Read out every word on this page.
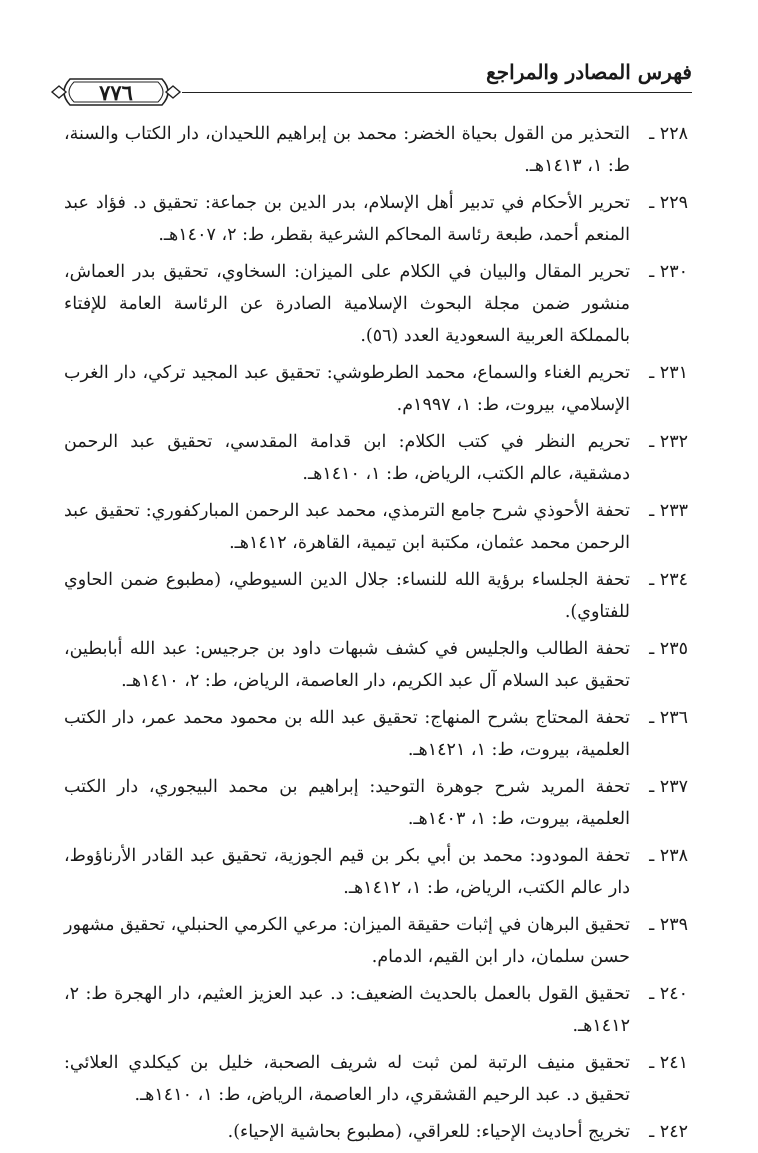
فهرس المصادر والمراجع
٧٧٦
٢٢٨ ـ
التحذير من القول بحياة الخضر: محمد بن إبراهيم اللحيدان، دار الكتاب والسنة، ط: ١، ١٤١٣هـ.
٢٢٩ ـ
تحرير الأحكام في تدبير أهل الإسلام، بدر الدين بن جماعة: تحقيق د. فؤاد عبد المنعم أحمد، طبعة رئاسة المحاكم الشرعية بقطر، ط: ٢، ١٤٠٧هـ.
٢٣٠ ـ
تحرير المقال والبيان في الكلام على الميزان: السخاوي، تحقيق بدر العماش، منشور ضمن مجلة البحوث الإسلامية الصادرة عن الرئاسة العامة للإفتاء بالمملكة العربية السعودية العدد (٥٦).
٢٣١ ـ
تحريم الغناء والسماع، محمد الطرطوشي: تحقيق عبد المجيد تركي، دار الغرب الإسلامي، بيروت، ط: ١، ١٩٩٧م.
٢٣٢ ـ
تحريم النظر في كتب الكلام: ابن قدامة المقدسي، تحقيق عبد الرحمن دمشقية، عالم الكتب، الرياض، ط: ١، ١٤١٠هـ.
٢٣٣ ـ
تحفة الأحوذي شرح جامع الترمذي، محمد عبد الرحمن المباركفوري: تحقيق عبد الرحمن محمد عثمان، مكتبة ابن تيمية، القاهرة، ١٤١٢هـ.
٢٣٤ ـ
تحفة الجلساء برؤية الله للنساء: جلال الدين السيوطي، (مطبوع ضمن الحاوي للفتاوي).
٢٣٥ ـ
تحفة الطالب والجليس في كشف شبهات داود بن جرجيس: عبد الله أبابطين، تحقيق عبد السلام آل عبد الكريم، دار العاصمة، الرياض، ط: ٢، ١٤١٠هـ.
٢٣٦ ـ
تحفة المحتاج بشرح المنهاج: تحقيق عبد الله بن محمود محمد عمر، دار الكتب العلمية، بيروت، ط: ١، ١٤٢١هـ.
٢٣٧ ـ
تحفة المريد شرح جوهرة التوحيد: إبراهيم بن محمد البيجوري، دار الكتب العلمية، بيروت، ط: ١، ١٤٠٣هـ.
٢٣٨ ـ
تحفة المودود: محمد بن أبي بكر بن قيم الجوزية، تحقيق عبد القادر الأرناؤوط، دار عالم الكتب، الرياض، ط: ١، ١٤١٢هـ.
٢٣٩ ـ
تحقيق البرهان في إثبات حقيقة الميزان: مرعي الكرمي الحنبلي، تحقيق مشهور حسن سلمان، دار ابن القيم، الدمام.
٢٤٠ ـ
تحقيق القول بالعمل بالحديث الضعيف: د. عبد العزيز العثيم، دار الهجرة ط: ٢، ١٤١٢هـ.
٢٤١ ـ
تحقيق منيف الرتبة لمن ثبت له شريف الصحبة، خليل بن كيكلدي العلائي: تحقيق د. عبد الرحيم القشقري، دار العاصمة، الرياض، ط: ١، ١٤١٠هـ.
٢٤٢ ـ
تخريج أحاديث الإحياء: للعراقي، (مطبوع بحاشية الإحياء).
